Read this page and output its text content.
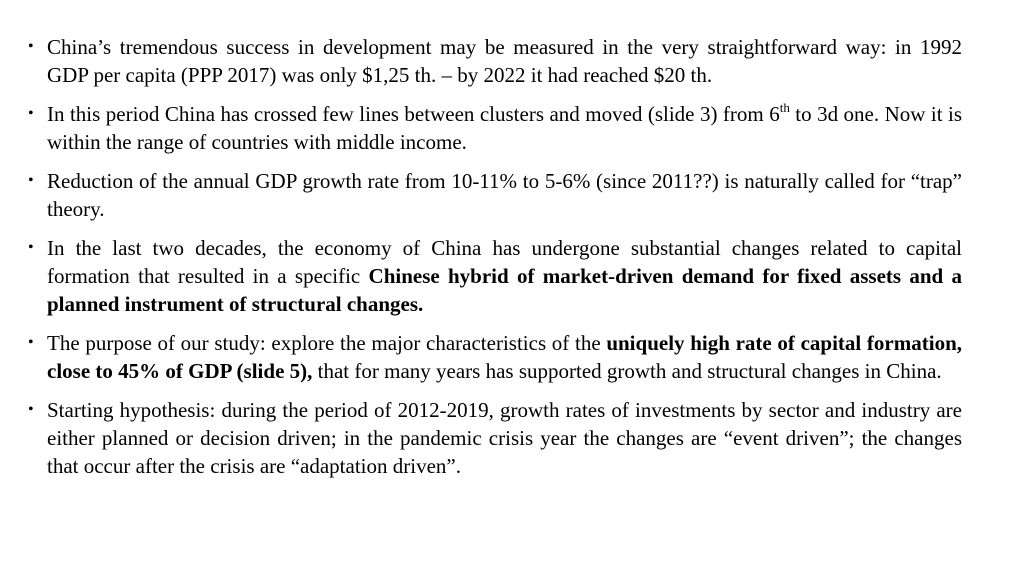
• China’s tremendous success in development may be measured in the very straightforward way: in 1992 GDP per capita (PPP 2017) was only $1,25 th. – by 2022 it had reached $20 th.
• In this period China has crossed few lines between clusters and moved (slide 3) from 6th to 3d one. Now it is within the range of countries with middle income.
• Reduction of the annual GDP growth rate from 10-11% to 5-6% (since 2011??) is naturally called for “trap” theory.
• In the last two decades, the economy of China has undergone substantial changes related to capital formation that resulted in a specific Chinese hybrid of market-driven demand for fixed assets and a planned instrument of structural changes.
• The purpose of our study: explore the major characteristics of the uniquely high rate of capital formation, close to 45% of GDP (slide 5), that for many years has supported growth and structural changes in China.
• Starting hypothesis: during the period of 2012-2019, growth rates of investments by sector and industry are either planned or decision driven; in the pandemic crisis year the changes are “event driven”; the changes that occur after the crisis are “adaptation driven”.
